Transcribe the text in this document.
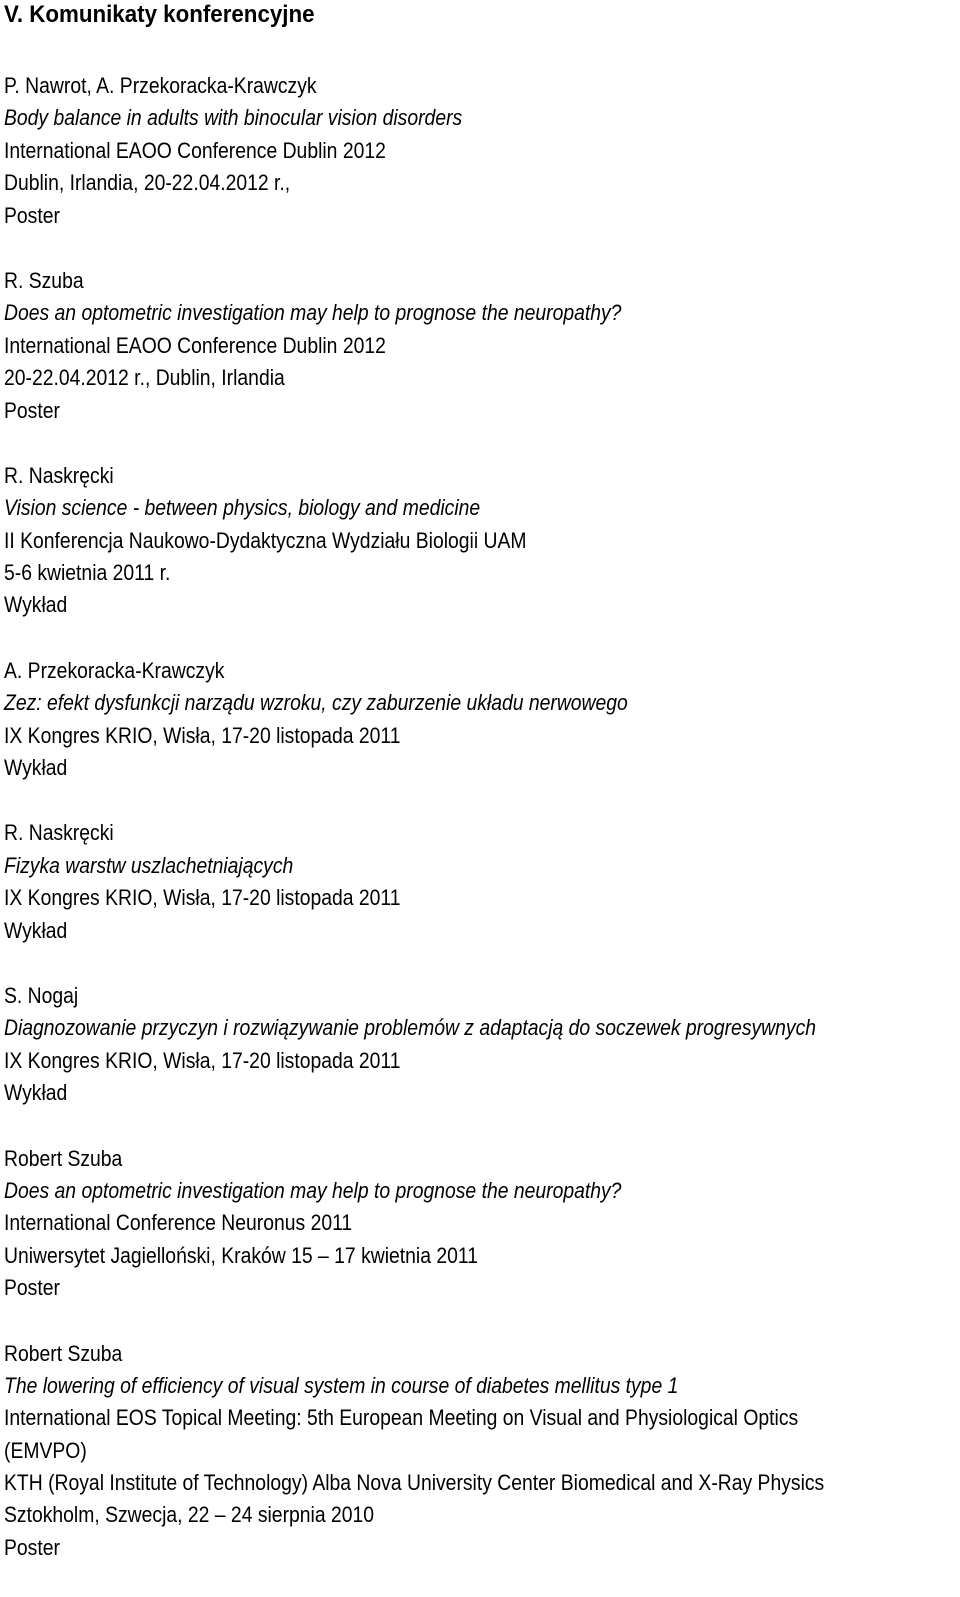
V. Komunikaty konferencyjne
P. Nawrot, A. Przekoracka-Krawczyk
Body balance in adults with binocular vision disorders
International EAOO Conference Dublin 2012
Dublin, Irlandia, 20-22.04.2012 r.,
Poster
R. Szuba
Does an optometric investigation may help to prognose the neuropathy?
International EAOO Conference Dublin 2012
20-22.04.2012 r., Dublin, Irlandia
Poster
R. Naskręcki
Vision science - between physics, biology and medicine
II Konferencja Naukowo-Dydaktyczna Wydziału Biologii UAM
5-6 kwietnia 2011 r.
Wykład
A. Przekoracka-Krawczyk
Zez: efekt dysfunkcji narządu wzroku, czy zaburzenie układu nerwowego
IX Kongres KRIO, Wisła, 17-20 listopada 2011
Wykład
R. Naskręcki
Fizyka warstw uszlachetniających
IX Kongres KRIO, Wisła, 17-20 listopada 2011
Wykład
S. Nogaj
Diagnozowanie przyczyn i rozwiązywanie problemów z adaptacją do soczewek progresywnych
IX Kongres KRIO, Wisła, 17-20 listopada 2011
Wykład
Robert Szuba
Does an optometric investigation may help to prognose the neuropathy?
International Conference Neuronus 2011
Uniwersytet Jagielloński, Kraków 15 – 17 kwietnia 2011
Poster
Robert Szuba
The lowering of efficiency of visual system in course of diabetes mellitus type 1
International EOS Topical Meeting: 5th European Meeting on Visual and Physiological Optics
(EMVPO)
KTH (Royal Institute of Technology) Alba Nova University Center Biomedical and X-Ray Physics
Sztokholm, Szwecja, 22 – 24 sierpnia 2010
Poster
